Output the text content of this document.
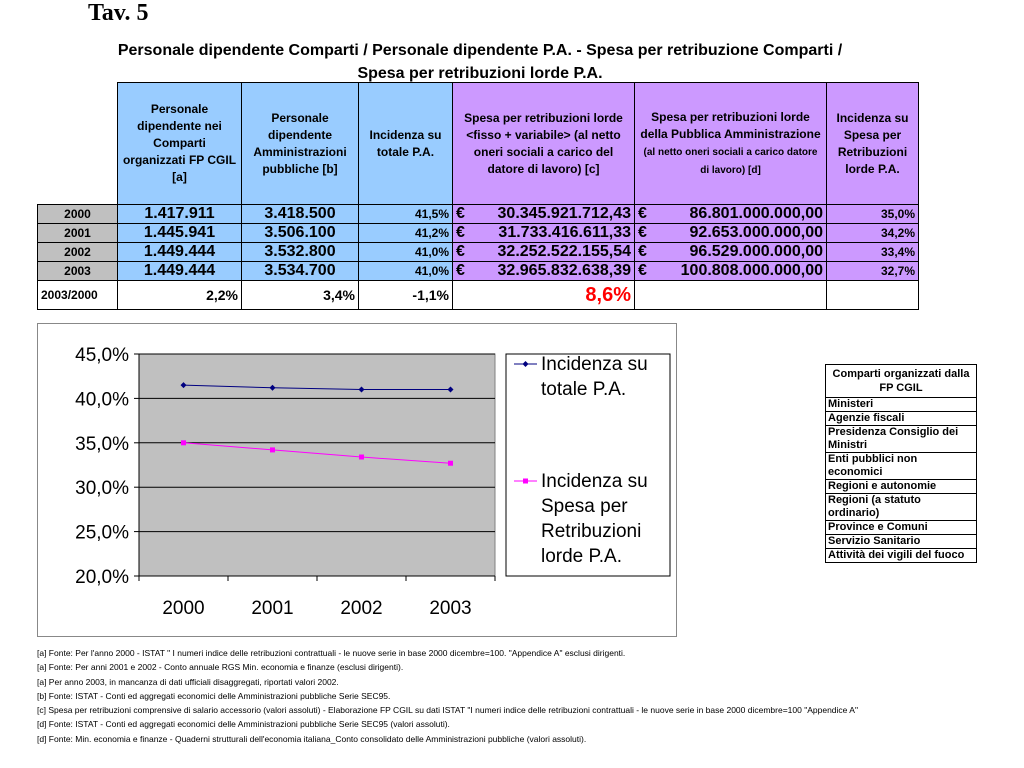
Tav. 5
Personale dipendente Comparti / Personale dipendente P.A. - Spesa per retribuzione Comparti /
Spesa per retribuzioni lorde P.A.
	Personale dipendente nei Comparti organizzati FP CGIL [a]	Personale dipendente Amministrazioni pubbliche [b]	Incidenza su totale P.A.	Spesa per retribuzioni lorde <fisso + variabile> (al netto oneri sociali a carico del datore di lavoro) [c]	Spesa per retribuzioni lorde della Pubblica Amministrazione (al netto oneri sociali a carico datore di lavoro) [d]	Incidenza su Spesa per Retribuzioni lorde P.A.
2000	1.417.911	3.418.500	41,5%	€ 30.345.921.712,43	€ 86.801.000.000,00	35,0%
2001	1.445.941	3.506.100	41,2%	€ 31.733.416.611,33	€ 92.653.000.000,00	34,2%
2002	1.449.444	3.532.800	41,0%	€ 32.252.522.155,54	€ 96.529.000.000,00	33,4%
2003	1.449.444	3.534.700	41,0%	€ 32.965.832.638,39	€ 100.808.000.000,00	32,7%
2003/2000	2,2%	3,4%	-1,1%	8,6%		
20,0%
25,0%
30,0%
35,0%
40,0%
45,0%
2000 2001 2002 2003
Incidenza su
totale P.A.
Incidenza su
Spesa per
Retribuzioni
lorde P.A.
Comparti organizzati dalla FP CGIL
Ministeri
Agenzie fiscali
Presidenza Consiglio dei Ministri
Enti pubblici non economici
Regioni e autonomie
Regioni (a statuto ordinario)
Province e Comuni
Servizio Sanitario
Attività dei vigili del fuoco
[a] Fonte: Per l'anno 2000 - ISTAT " I numeri indice delle retribuzioni contrattuali - le nuove serie in base 2000 dicembre=100. "Appendice A" esclusi dirigenti.
[a] Fonte: Per anni 2001 e 2002 - Conto annuale RGS Min. economia e finanze (esclusi dirigenti).
[a] Per anno 2003, in mancanza di dati ufficiali disaggregati, riportati valori 2002.
[b] Fonte: ISTAT - Conti ed aggregati economici delle Amministrazioni pubbliche Serie SEC95.
[c] Spesa per retribuzioni comprensive di salario accessorio (valori assoluti) - Elaborazione FP CGIL su dati ISTAT "I numeri indice delle retribuzioni contrattuali - le nuove serie in base 2000 dicembre=100 "Appendice A"
[d] Fonte: ISTAT - Conti ed aggregati economici delle Amministrazioni pubbliche Serie SEC95 (valori assoluti).
[d] Fonte: Min. economia e finanze - Quaderni strutturali dell'economia italiana_Conto consolidato delle Amministrazioni pubbliche (valori assoluti).
